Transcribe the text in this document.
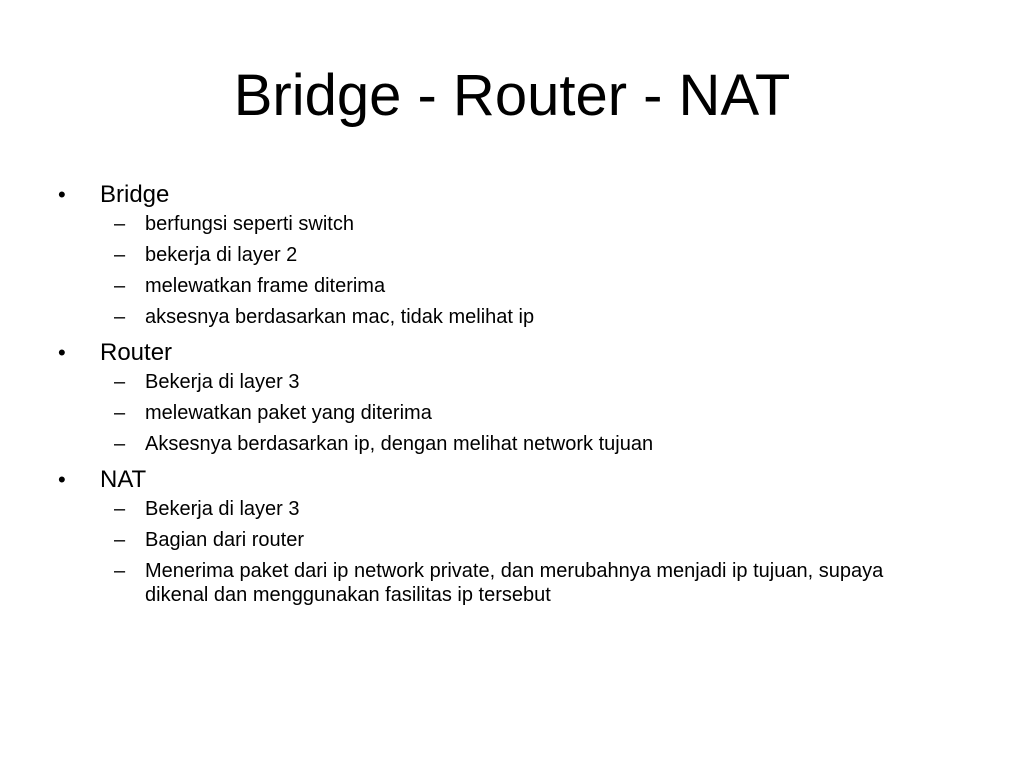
Bridge - Router - NAT
• Bridge
– berfungsi seperti switch
– bekerja di layer 2
– melewatkan frame diterima
– aksesnya berdasarkan mac, tidak melihat ip
• Router
– Bekerja di layer 3
– melewatkan paket yang diterima
– Aksesnya berdasarkan ip, dengan melihat network tujuan
• NAT
– Bekerja di layer 3
– Bagian dari router
– Menerima paket dari ip network private, dan merubahnya menjadi ip tujuan, supaya dikenal dan menggunakan fasilitas ip tersebut
